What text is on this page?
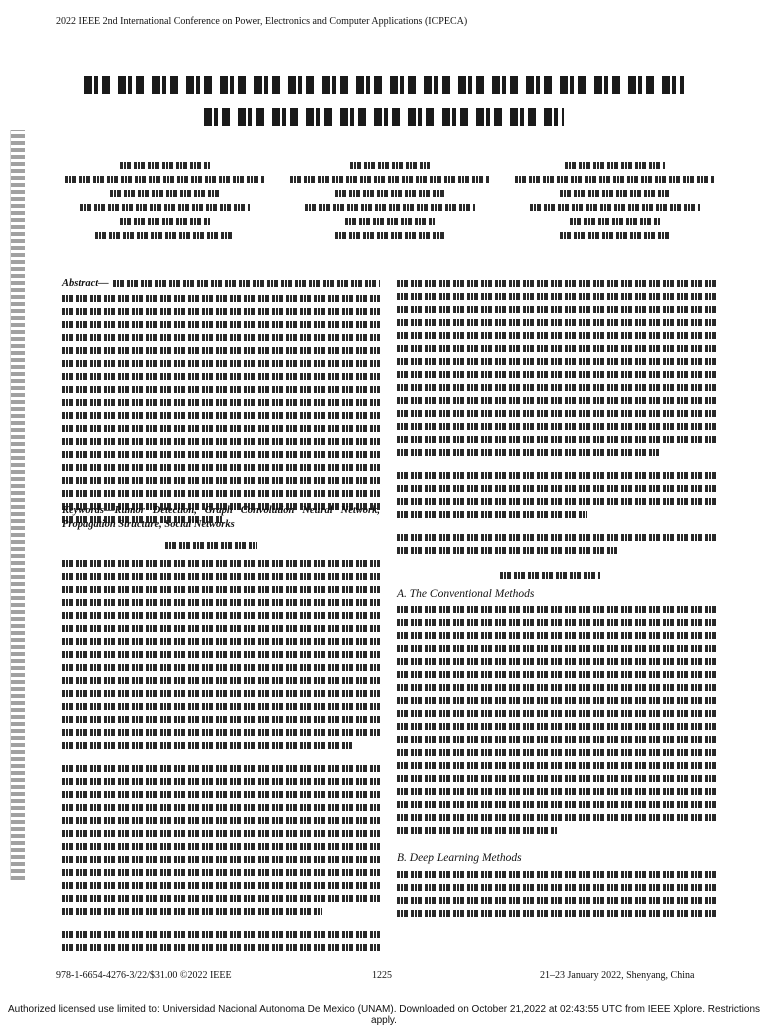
2022 IEEE 2nd International Conference on Power, Electronics and Computer Applications (ICPECA)
Abstract—
Keywords—Rumor Detection, Graph Convolution Neural Network, Propagation Structure, Social Networks
A. The Conventional Methods
B. Deep Learning Methods
978-1-6654-4276-3/22/$31.00 ©2022 IEEE	1225	21–23 January 2022, Shenyang, China
Authorized licensed use limited to: Universidad Nacional Autonoma De Mexico (UNAM). Downloaded on October 21,2022 at 02:43:55 UTC from IEEE Xplore. Restrictions apply.
